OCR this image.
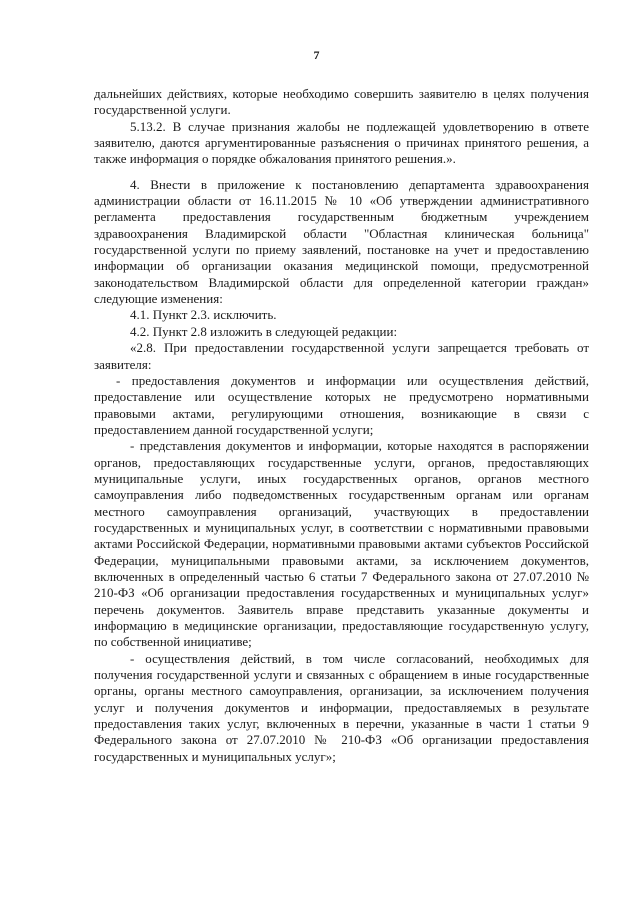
7

дальнейших действиях, которые необходимо совершить заявителю в целях получения государственной услуги.

5.13.2. В случае признания жалобы не подлежащей удовлетворению в ответе заявителю, даются аргументированные разъяснения о причинах принятого решения, а также информация о порядке обжалования принятого решения.».

4. Внести в приложение к постановлению департамента здравоохранения администрации области от 16.11.2015 № 10 «Об утверждении административного регламента предоставления государственным бюджетным учреждением здравоохранения Владимирской области "Областная клиническая больница" государственной услуги по приему заявлений, постановке на учет и предоставлению информации об организации оказания медицинской помощи, предусмотренной законодательством Владимирской области для определенной категории граждан» следующие изменения:

4.1. Пункт 2.3. исключить.

4.2. Пункт 2.8 изложить в следующей редакции:

«2.8. При предоставлении государственной услуги запрещается требовать от заявителя:

- предоставления документов и информации или осуществления действий, предоставление или осуществление которых не предусмотрено нормативными правовыми актами, регулирующими отношения, возникающие в связи с предоставлением данной государственной услуги;

- представления документов и информации, которые находятся в распоряжении органов, предоставляющих государственные услуги, органов, предоставляющих муниципальные услуги, иных государственных органов, органов местного самоуправления либо подведомственных государственным органам или органам местного самоуправления организаций, участвующих в предоставлении государственных и муниципальных услуг, в соответствии с нормативными правовыми актами Российской Федерации, нормативными правовыми актами субъектов Российской Федерации, муниципальными правовыми актами, за исключением документов, включенных в определенный частью 6 статьи 7 Федерального закона от 27.07.2010 № 210-ФЗ «Об организации предоставления государственных и муниципальных услуг» перечень документов. Заявитель вправе представить указанные документы и информацию в медицинские организации, предоставляющие государственную услугу, по собственной инициативе;

- осуществления действий, в том числе согласований, необходимых для получения государственной услуги и связанных с обращением в иные государственные органы, органы местного самоуправления, организации, за исключением получения услуг и получения документов и информации, предоставляемых в результате предоставления таких услуг, включенных в перечни, указанные в части 1 статьи 9 Федерального закона от 27.07.2010 № 210-ФЗ «Об организации предоставления государственных и муниципальных услуг»;
